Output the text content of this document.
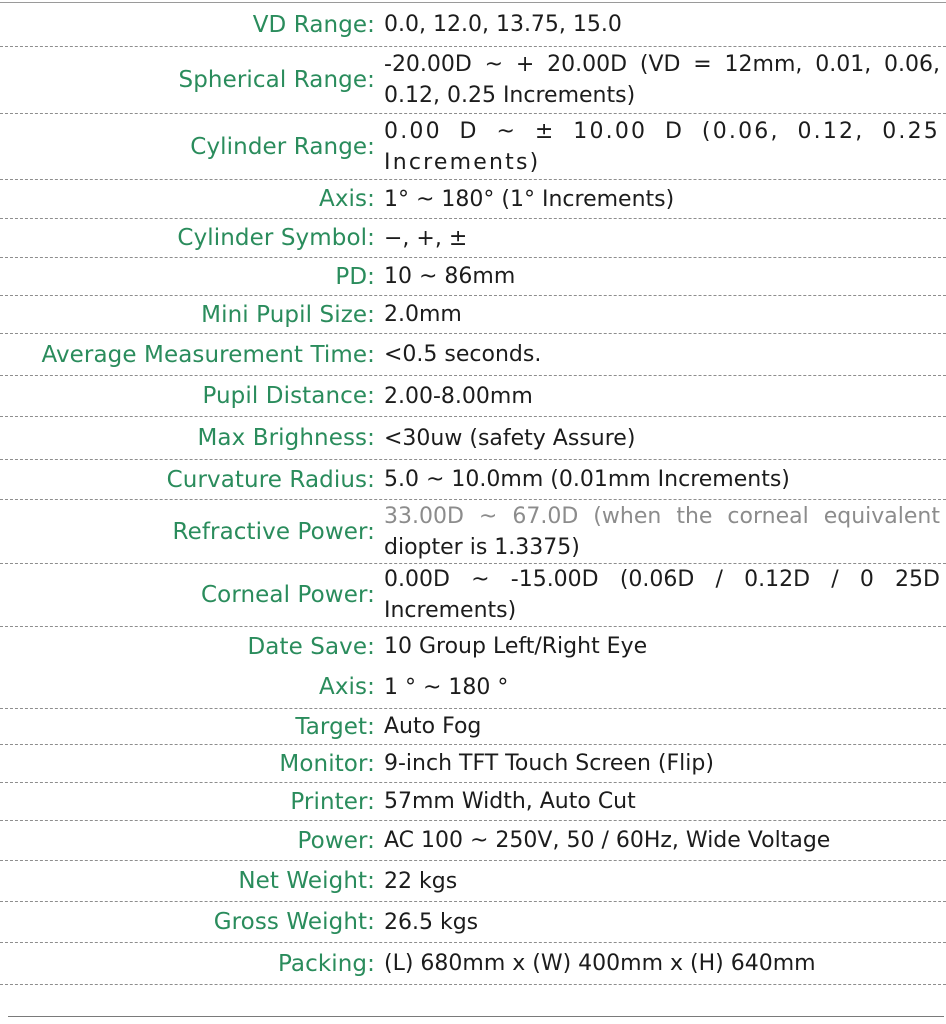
VD Range: 0.0, 12.0, 13.75, 15.0
Spherical Range:
-20.00D ~ + 20.00D (VD = 12mm, 0.01, 0.06, 0.12, 0.25 Increments)
Cylinder Range:
0.00 D ~ ± 10.00 D (0.06, 0.12, 0.25 Increments)
Axis: 1° ~ 180° (1° Increments)
Cylinder Symbol: −, +, ±
PD: 10 ~ 86mm
Mini Pupil Size: 2.0mm
Average Measurement Time: <0.5 seconds.
Pupil Distance: 2.00-8.00mm
Max Brighness: <30uw (safety Assure)
Curvature Radius: 5.0 ~ 10.0mm (0.01mm Increments)
Refractive Power:
33.00D ~ 67.0D (when the corneal equivalent diopter is 1.3375)
Corneal Power:
0.00D ~ -15.00D (0.06D / 0.12D / 0 25D Increments)
Date Save: 10 Group Left/Right Eye
Axis: 1 ° ~ 180 °
Target: Auto Fog
Monitor: 9-inch TFT Touch Screen (Flip)
Printer: 57mm Width, Auto Cut
Power: AC 100 ~ 250V, 50 / 60Hz, Wide Voltage
Net Weight: 22 kgs
Gross Weight: 26.5 kgs
Packing: (L) 680mm x (W) 400mm x (H) 640mm
